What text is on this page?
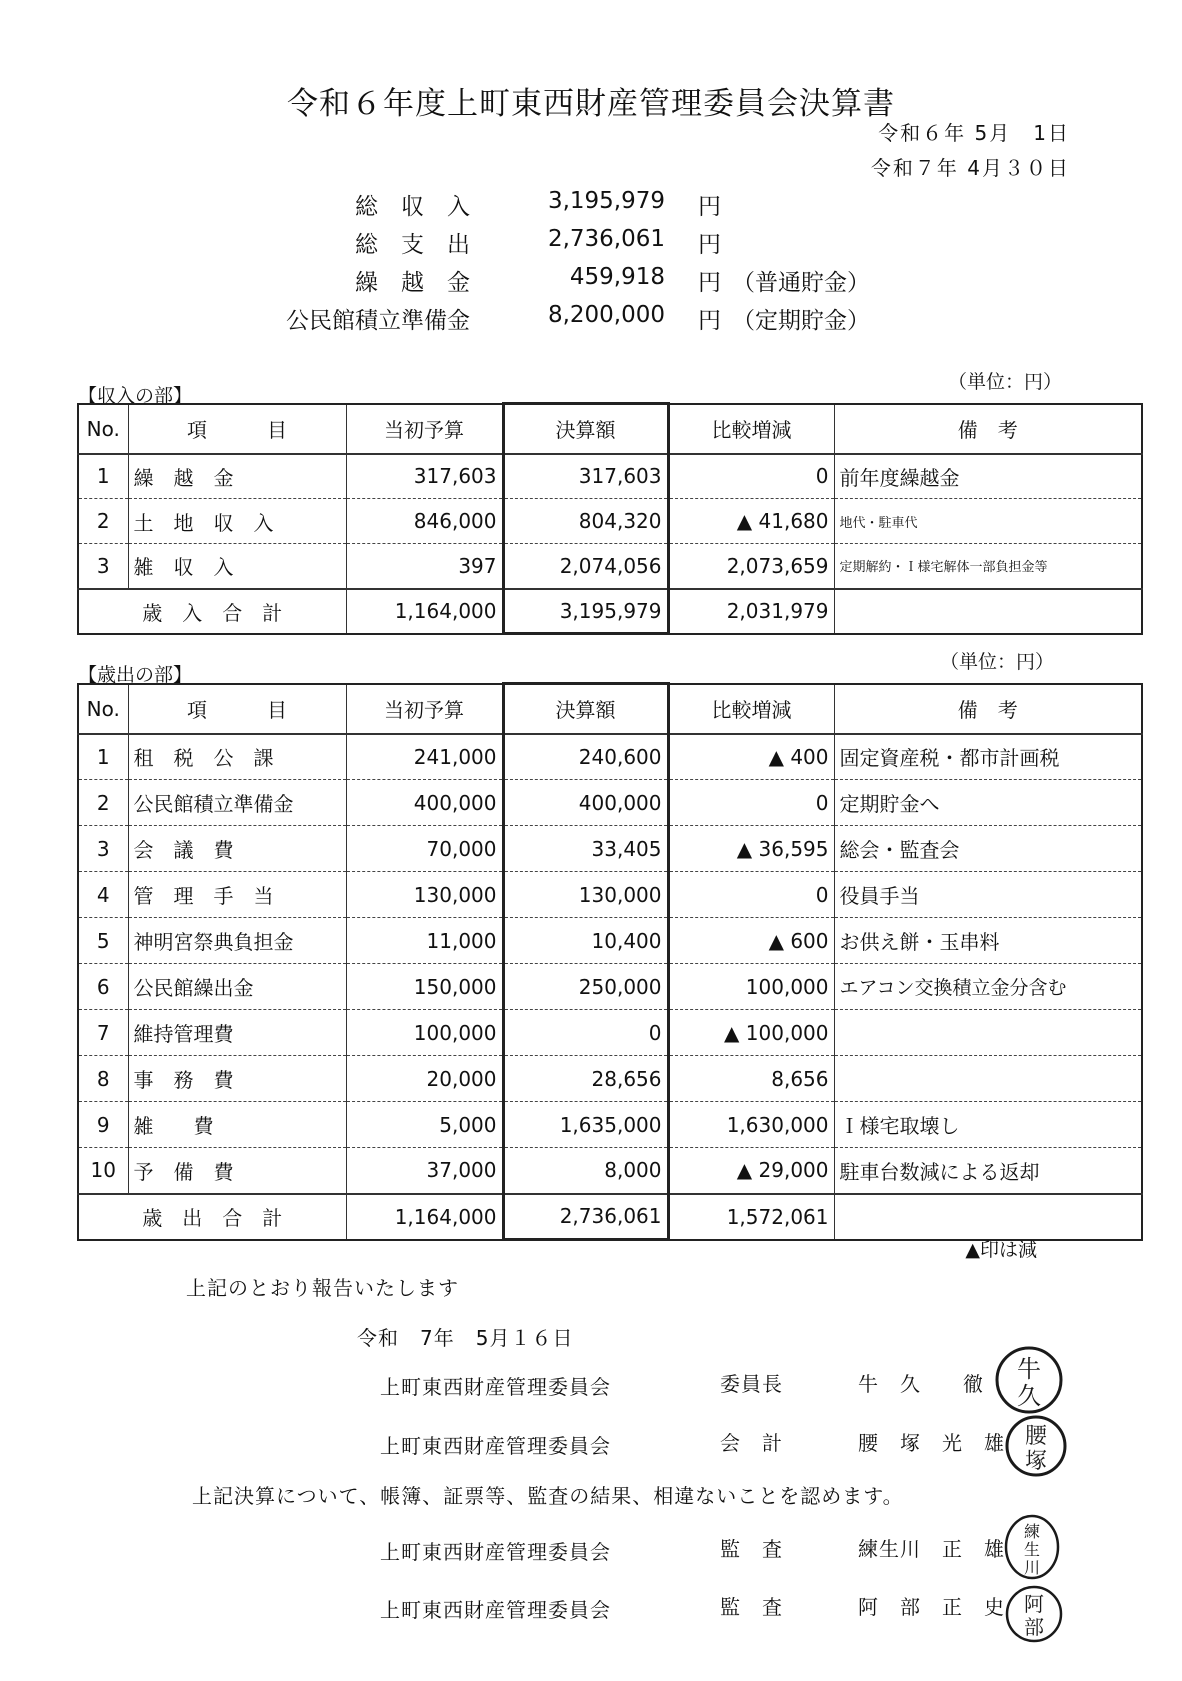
令和６年度上町東西財産管理委員会決算書
令和６年 5月　1日
令和７年 4月３０日
総　収　入	3,195,979 円
総　支　出	2,736,061 円
繰　越　金	459,918 円 （普通貯金）
公民館積立準備金	8,200,000 円 （定期貯金）
【収入の部】
（単位：円）
No.	項　　　目	当初予算	決算額	比較増減	備　考
1	繰　越　金	317,603	317,603	0	前年度繰越金
2	土　地　収　入	846,000	804,320	▲ 41,680	地代・駐車代
3	雑　収　入	397	2,074,056	2,073,659	定期解約・Ｉ様宅解体一部負担金等
歳　入　合　計		1,164,000	3,195,979	2,031,979	
【歳出の部】
（単位：円）
No.	項　　　目	当初予算	決算額	比較増減	備　考
1	租　税　公　課	241,000	240,600	▲ 400	固定資産税・都市計画税
2	公民館積立準備金	400,000	400,000	0	定期貯金へ
3	会　議　費	70,000	33,405	▲ 36,595	総会・監査会
4	管　理　手　当	130,000	130,000	0	役員手当
5	神明宮祭典負担金	11,000	10,400	▲ 600	お供え餅・玉串料
6	公民館繰出金	150,000	250,000	100,000	エアコン交換積立金分含む
7	維持管理費	100,000	0	▲ 100,000	
8	事　務　費	20,000	28,656	8,656	
9	雑　　費	5,000	1,635,000	1,630,000	Ｉ様宅取壊し
10	予　備　費	37,000	8,000	▲ 29,000	駐車台数減による返却
歳　出　合　計		1,164,000	2,736,061	1,572,061	
▲印は減
上記のとおり報告いたします
令和　7年　5月１６日
上町東西財産管理委員会	委員長	牛　久　　徹
上町東西財産管理委員会	会　計	腰　塚　光　雄
上記決算について、帳簿、証票等、監査の結果、相違ないことを認めます。
上町東西財産管理委員会	監　査	練生川　正　雄
上町東西財産管理委員会	監　査	阿　部　正　史
牛
久
腰
塚
練
生
川
阿
部
